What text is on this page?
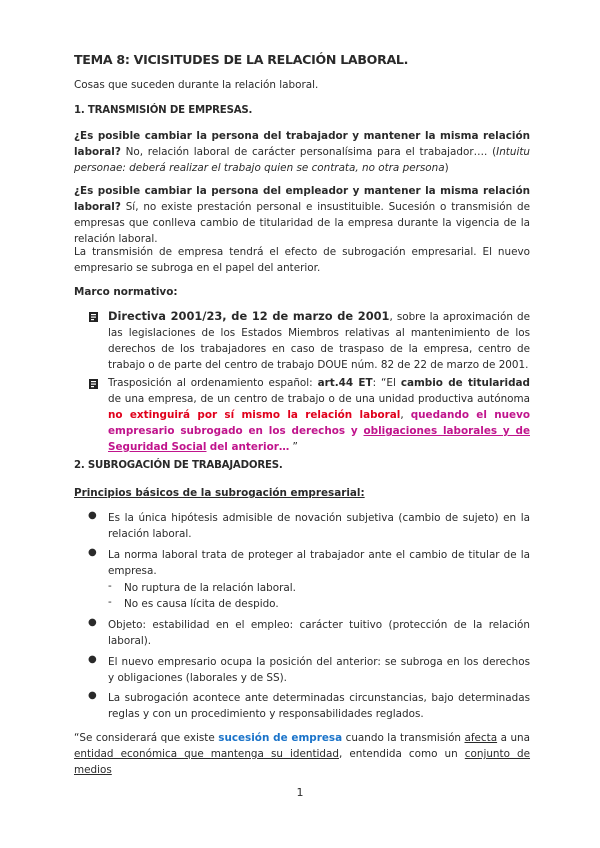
TEMA 8: VICISITUDES DE LA RELACIÓN LABORAL.
Cosas que suceden durante la relación laboral.
1. TRANSMISIÓN DE EMPRESAS.
¿Es posible cambiar la persona del trabajador y mantener la misma relación laboral? No, relación laboral de carácter personalísima para el trabajador…. (Intuitu personae: deberá realizar el trabajo quien se contrata, no otra persona)
¿Es posible cambiar la persona del empleador y mantener la misma relación laboral? Sí, no existe prestación personal e insustituible. Sucesión o transmisión de empresas que conlleva cambio de titularidad de la empresa durante la vigencia de la relación laboral.
La transmisión de empresa tendrá el efecto de subrogación empresarial. El nuevo empresario se subroga en el papel del anterior.
Marco normativo:
Directiva 2001/23, de 12 de marzo de 2001, sobre la aproximación de las legislaciones de los Estados Miembros relativas al mantenimiento de los derechos de los trabajadores en caso de traspaso de la empresa, centro de trabajo o de parte del centro de trabajo DOUE núm. 82 de 22 de marzo de 2001.
Trasposición al ordenamiento español: art.44 ET: “El cambio de titularidad de una empresa, de un centro de trabajo o de una unidad productiva autónoma no extinguirá por sí mismo la relación laboral, quedando el nuevo empresario subrogado en los derechos y obligaciones laborales y de Seguridad Social del anterior… ”
2. SUBROGACIÓN DE TRABAJADORES.
Principios básicos de la subrogación empresarial:
● Es la única hipótesis admisible de novación subjetiva (cambio de sujeto) en la relación laboral.
● La norma laboral trata de proteger al trabajador ante el cambio de titular de la empresa.
- No ruptura de la relación laboral.
- No es causa lícita de despido.
● Objeto: estabilidad en el empleo: carácter tuitivo (protección de la relación laboral).
● El nuevo empresario ocupa la posición del anterior: se subroga en los derechos y obligaciones (laborales y de SS).
● La subrogación acontece ante determinadas circunstancias, bajo determinadas reglas y con un procedimiento y responsabilidades reglados.
“Se considerará que existe sucesión de empresa cuando la transmisión afecta a una entidad económica que mantenga su identidad, entendida como un conjunto de medios
1
